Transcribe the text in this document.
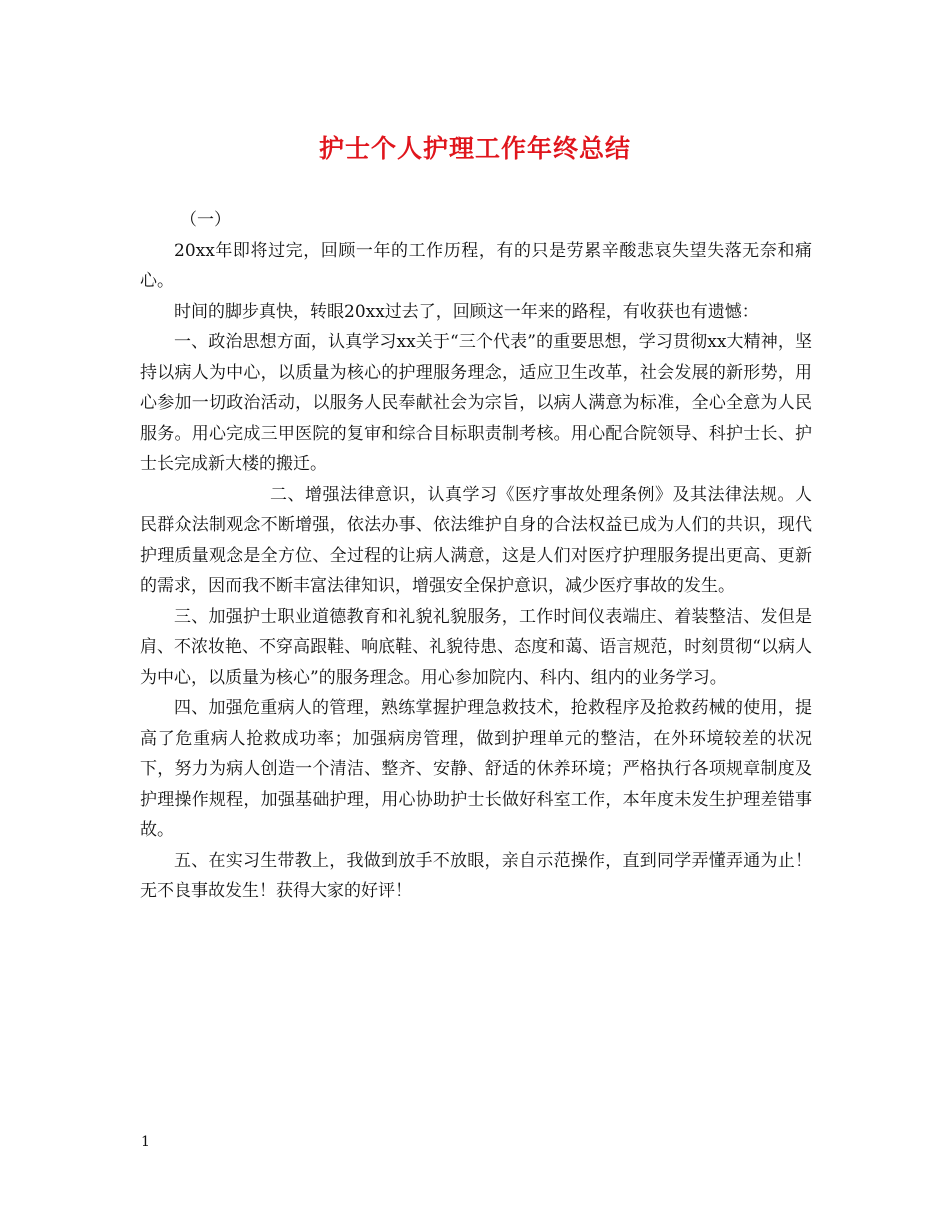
护士个人护理工作年终总结

（一）

20xx年即将过完，回顾一年的工作历程，有的只是劳累辛酸悲哀失望失落无奈和痛心。

时间的脚步真快，转眼20xx过去了，回顾这一年来的路程，有收获也有遗憾：

一、政治思想方面，认真学习xx关于“三个代表”的重要思想，学习贯彻xx大精神，坚持以病人为中心，以质量为核心的护理服务理念，适应卫生改革，社会发展的新形势，用心参加一切政治活动，以服务人民奉献社会为宗旨，以病人满意为标准，全心全意为人民服务。用心完成三甲医院的复审和综合目标职责制考核。用心配合院领导、科护士长、护士长完成新大楼的搬迁。

二、增强法律意识，认真学习《医疗事故处理条例》及其法律法规。人民群众法制观念不断增强，依法办事、依法维护自身的合法权益已成为人们的共识，现代护理质量观念是全方位、全过程的让病人满意，这是人们对医疗护理服务提出更高、更新的需求，因而我不断丰富法律知识，增强安全保护意识，减少医疗事故的发生。

三、加强护士职业道德教育和礼貌礼貌服务，工作时间仪表端庄、着装整洁、发但是肩、不浓妆艳、不穿高跟鞋、响底鞋、礼貌待患、态度和蔼、语言规范，时刻贯彻“以病人为中心，以质量为核心”的服务理念。用心参加院内、科内、组内的业务学习。

四、加强危重病人的管理，熟练掌握护理急救技术，抢救程序及抢救药械的使用，提高了危重病人抢救成功率；加强病房管理，做到护理单元的整洁，在外环境较差的状况下，努力为病人创造一个清洁、整齐、安静、舒适的休养环境；严格执行各项规章制度及护理操作规程，加强基础护理，用心协助护士长做好科室工作，本年度未发生护理差错事故。

五、在实习生带教上，我做到放手不放眼，亲自示范操作，直到同学弄懂弄通为止！无不良事故发生！获得大家的好评！

1
